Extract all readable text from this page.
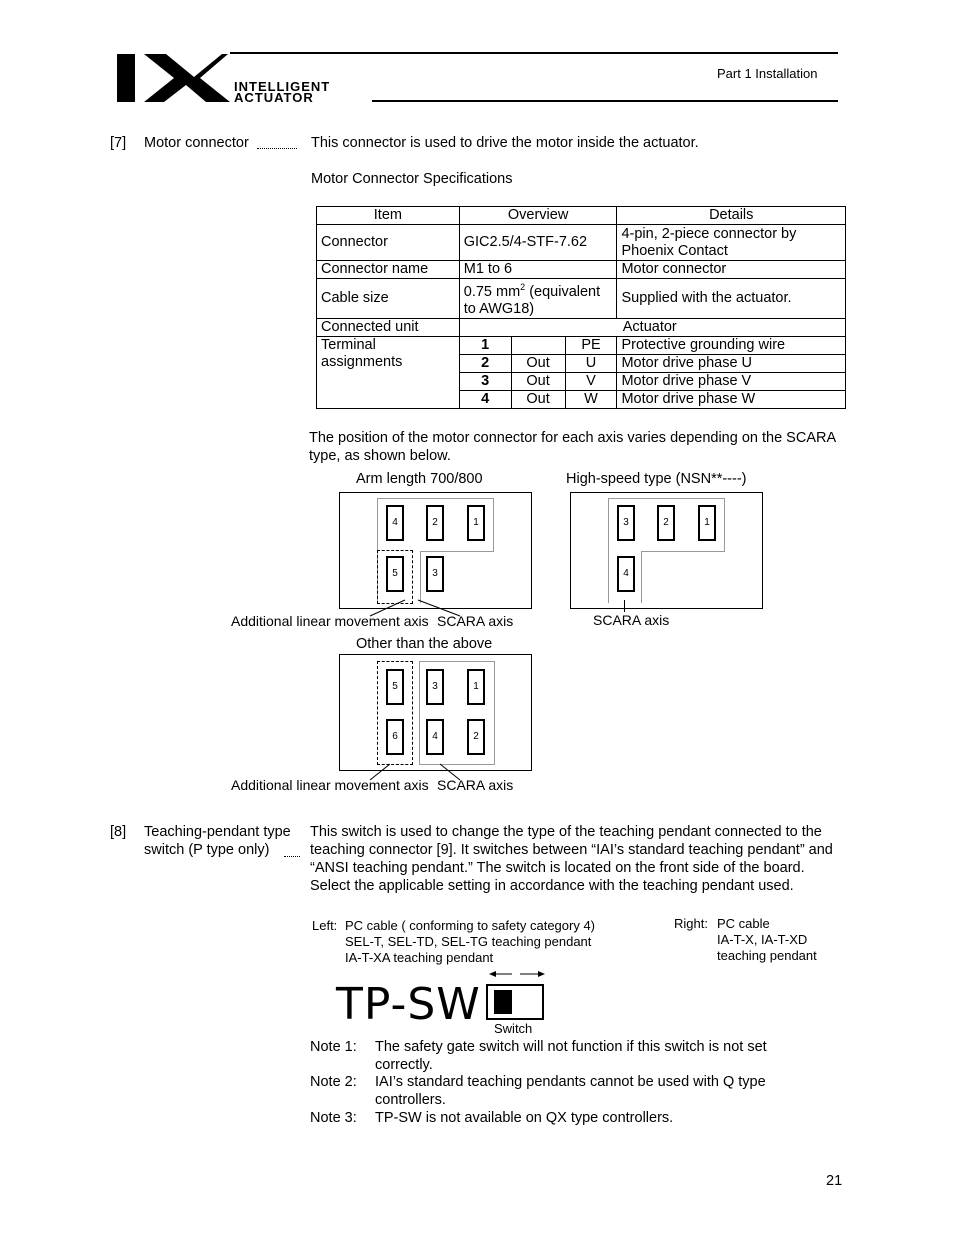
INTELLIGENT
ACTUATOR
Part 1 Installation
[7] Motor connector	This connector is used to drive the motor inside the actuator.
Motor Connector Specifications
Item	Overview			Details
Connector	GIC2.5/4-STF-7.62			4-pin, 2-piece connector by Phoenix Contact
Connector name	M1 to 6			Motor connector
Cable size	0.75 $mm^2$ (equivalent to AWG18)			Supplied with the actuator.
Connected unit	Actuator			
Terminal assignments	1		PE	Protective grounding wire
	2	Out	U	Motor drive phase U
	3	Out	V	Motor drive phase V
	4	Out	W	Motor drive phase W
The position of the motor connector for each axis varies depending on the SCARA type, as shown below.
Arm length 700/800
4	2	1
5	3
Additional linear movement axis SCARA axis
High-speed type (NSN**----)
3	2	1
4
SCARA axis
Other than the above
5	3	1
6	4	2
Additional linear movement axis SCARA axis
[8] Teaching-pendant type
switch (P type only)
This switch is used to change the type of the teaching pendant connected to the teaching connector [9]. It switches between “IAI’s standard teaching pendant” and “ANSI teaching pendant.” The switch is located on the front side of the board. Select the applicable setting in accordance with the teaching pendant used.
Left: PC cable ( conforming to safety category 4)
SEL-T, SEL-TD, SEL-TG teaching pendant
IA-T-XA teaching pendant
Right: PC cable
IA-T-X, IA-T-XD
teaching pendant
TP-SW Switch
Note 1: The safety gate switch will not function if this switch is not set correctly.
Note 2: IAI’s standard teaching pendants cannot be used with Q type controllers.
Note 3: TP-SW is not available on QX type controllers.
21
